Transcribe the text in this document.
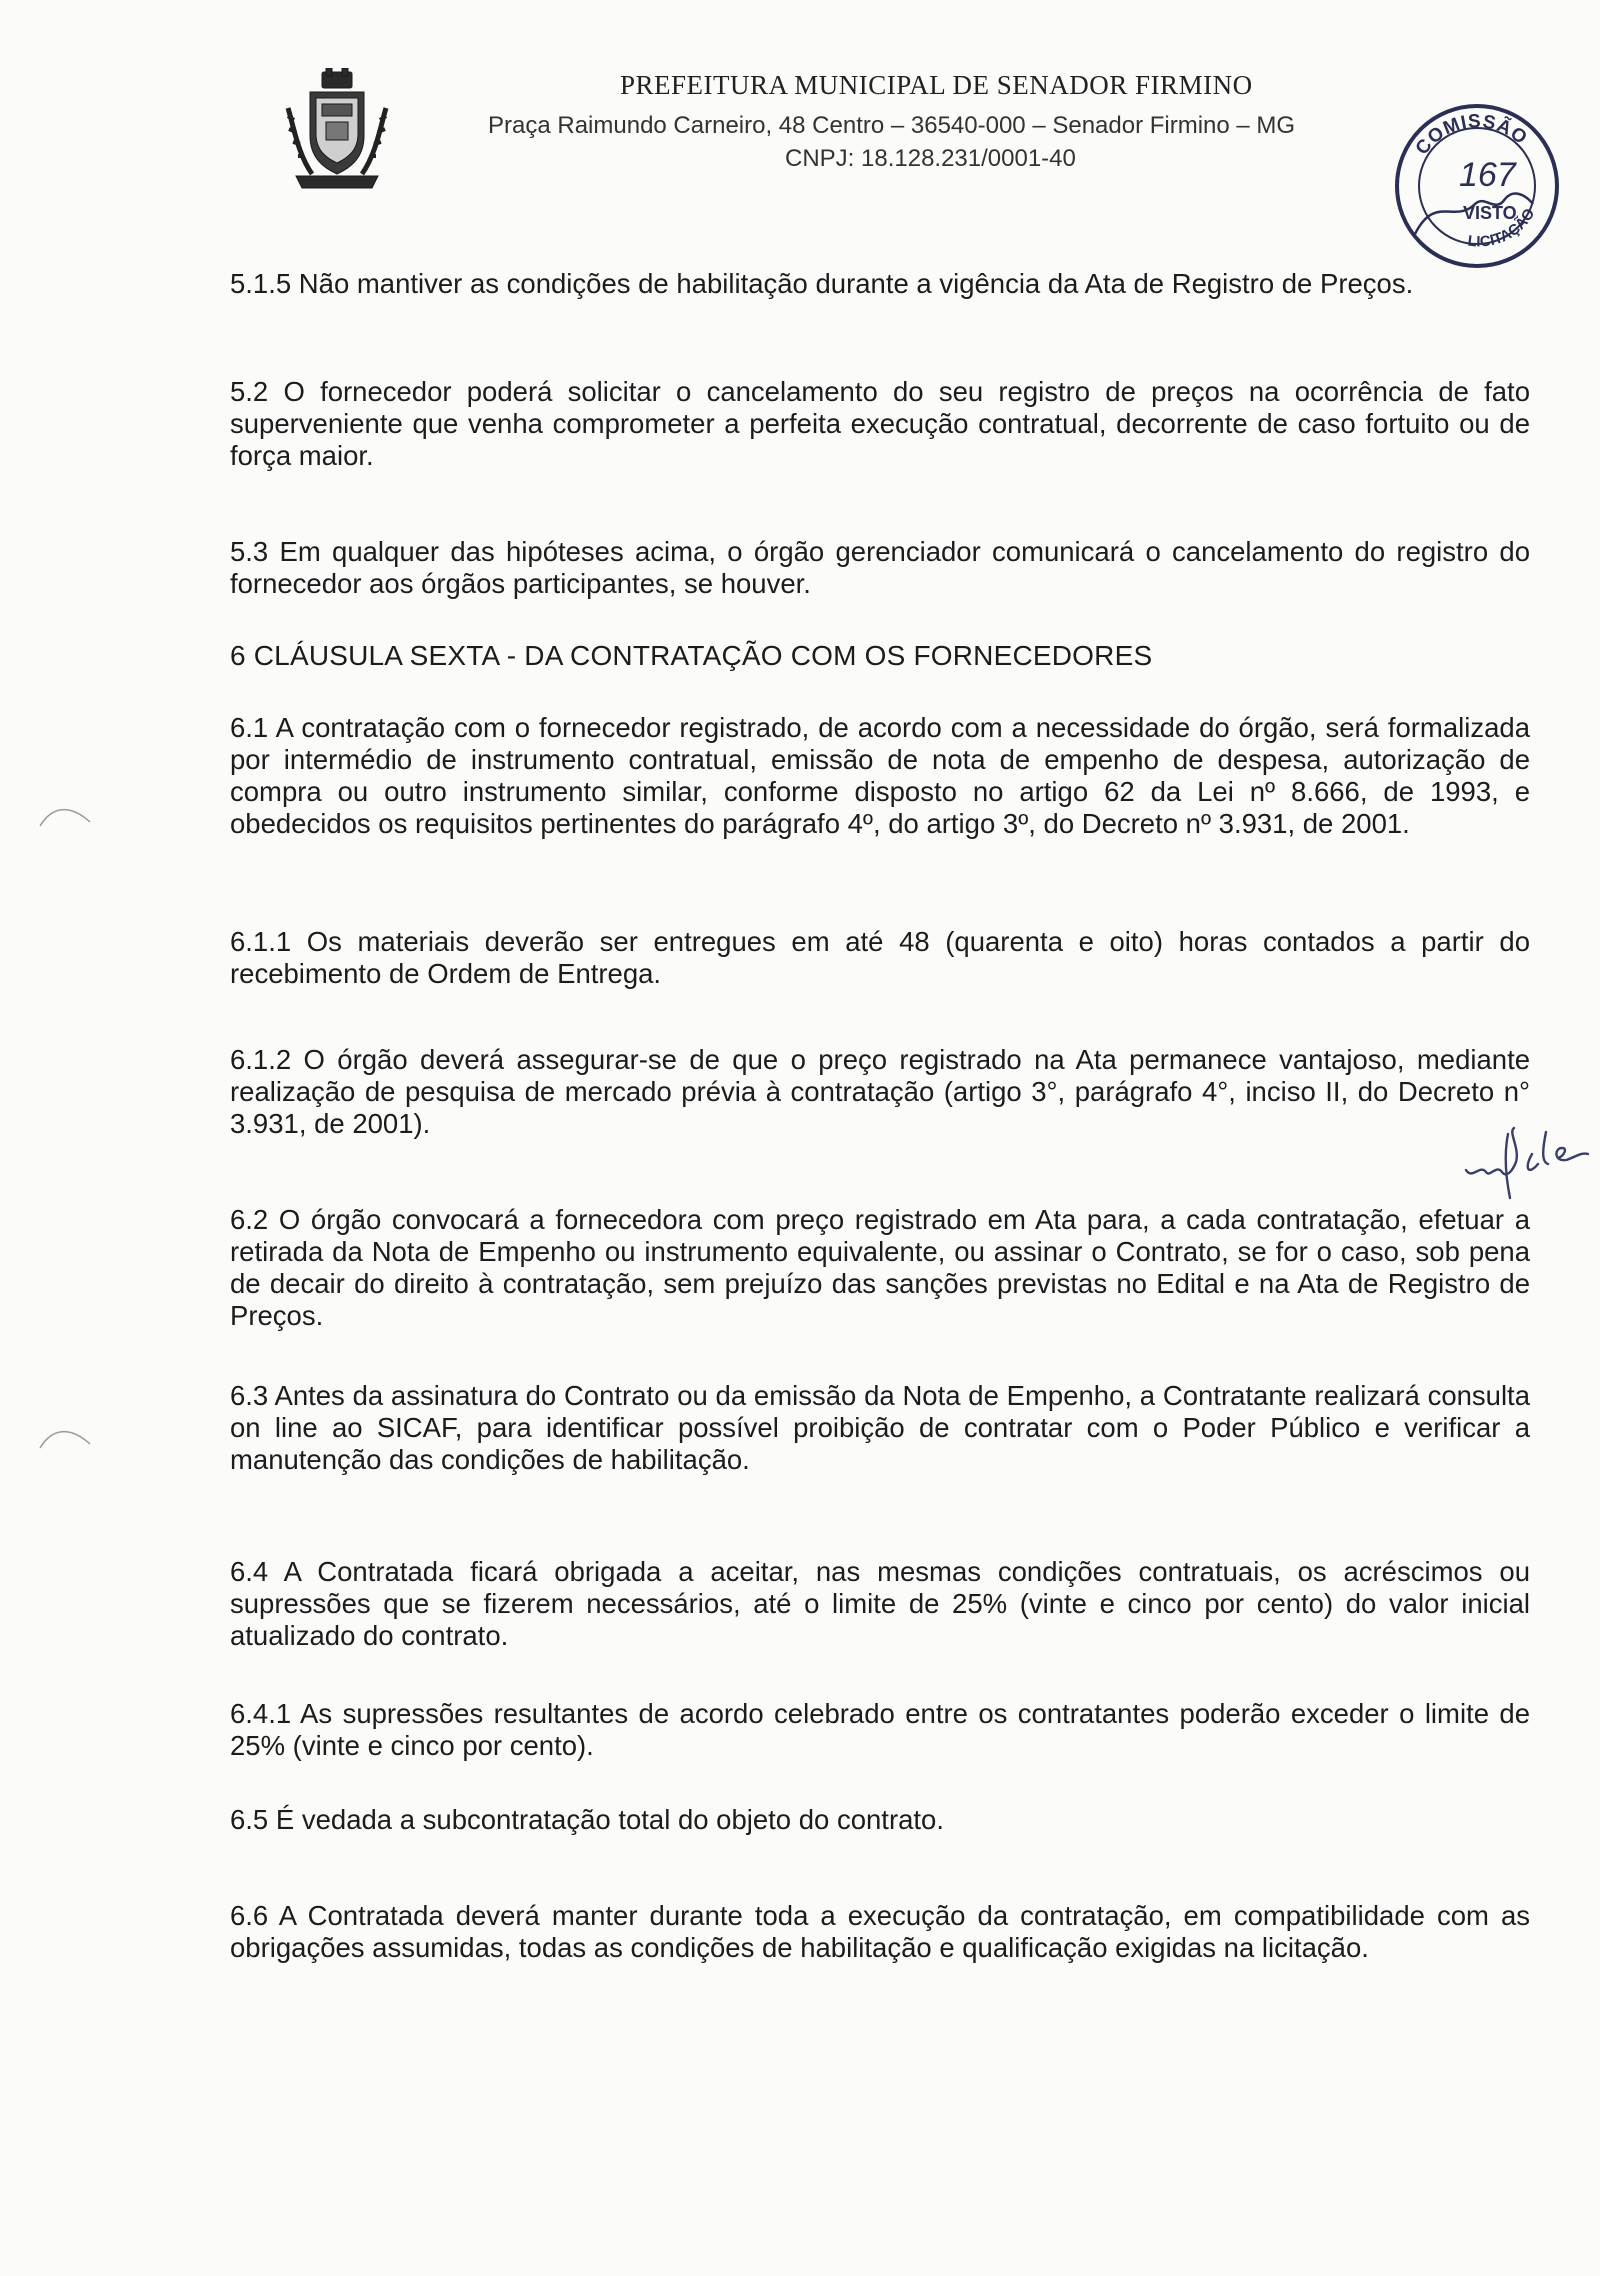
PREFEITURA MUNICIPAL DE SENADOR FIRMINO
Praça Raimundo Carneiro, 48 Centro – 36540-000 – Senador Firmino – MG
CNPJ: 18.128.231/0001-40	COMISSÃO
167
VISTO
LICITAÇÃO

5.1.5 Não mantiver as condições de habilitação durante a vigência da Ata de Registro de Preços.

5.2 O fornecedor poderá solicitar o cancelamento do seu registro de preços na ocorrência de fato superveniente que venha comprometer a perfeita execução contratual, decorrente de caso fortuito ou de força maior.

5.3 Em qualquer das hipóteses acima, o órgão gerenciador comunicará o cancelamento do registro do fornecedor aos órgãos participantes, se houver.

6 CLÁUSULA SEXTA - DA CONTRATAÇÃO COM OS FORNECEDORES

6.1 A contratação com o fornecedor registrado, de acordo com a necessidade do órgão, será formalizada por intermédio de instrumento contratual, emissão de nota de empenho de despesa, autorização de compra ou outro instrumento similar, conforme disposto no artigo 62 da Lei nº 8.666, de 1993, e obedecidos os requisitos pertinentes do parágrafo 4º, do artigo 3º, do Decreto nº 3.931, de 2001.

6.1.1 Os materiais deverão ser entregues em até 48 (quarenta e oito) horas contados a partir do recebimento de Ordem de Entrega.

6.1.2 O órgão deverá assegurar-se de que o preço registrado na Ata permanece vantajoso, mediante realização de pesquisa de mercado prévia à contratação (artigo 3°, parágrafo 4°, inciso II, do Decreto n° 3.931, de 2001).

6.2 O órgão convocará a fornecedora com preço registrado em Ata para, a cada contratação, efetuar a retirada da Nota de Empenho ou instrumento equivalente, ou assinar o Contrato, se for o caso, sob pena de decair do direito à contratação, sem prejuízo das sanções previstas no Edital e na Ata de Registro de Preços.

6.3 Antes da assinatura do Contrato ou da emissão da Nota de Empenho, a Contratante realizará consulta on line ao SICAF, para identificar possível proibição de contratar com o Poder Público e verificar a manutenção das condições de habilitação.

6.4 A Contratada ficará obrigada a aceitar, nas mesmas condições contratuais, os acréscimos ou supressões que se fizerem necessários, até o limite de 25% (vinte e cinco por cento) do valor inicial atualizado do contrato.

6.4.1 As supressões resultantes de acordo celebrado entre os contratantes poderão exceder o limite de 25% (vinte e cinco por cento).

6.5 É vedada a subcontratação total do objeto do contrato.

6.6 A Contratada deverá manter durante toda a execução da contratação, em compatibilidade com as obrigações assumidas, todas as condições de habilitação e qualificação exigidas na licitação.
